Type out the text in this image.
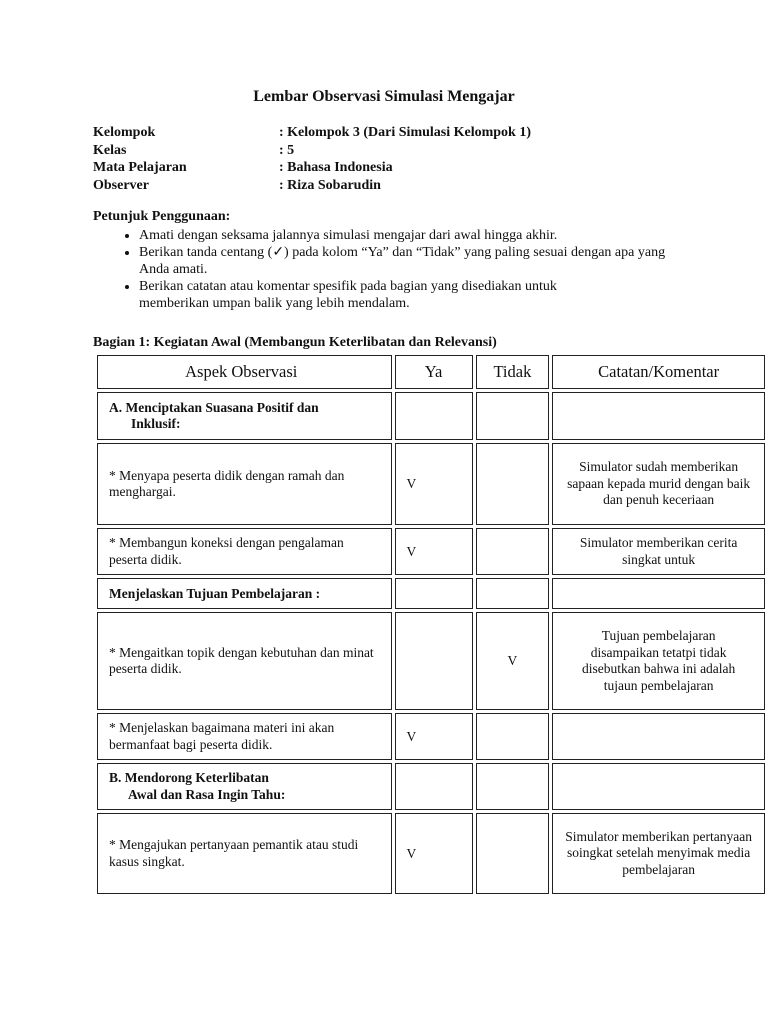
Lembar Observasi Simulasi Mengajar
Kelompok	: Kelompok 3 (Dari Simulasi Kelompok 1)
Kelas	: 5
Mata Pelajaran	: Bahasa Indonesia
Observer	: Riza Sobarudin
Petunjuk Penggunaan:
• Amati dengan seksama jalannya simulasi mengajar dari awal hingga akhir.
• Berikan tanda centang (✓) pada kolom “Ya” dan “Tidak” yang paling sesuai dengan apa yang Anda amati.
• Berikan catatan atau komentar spesifik pada bagian yang disediakan untuk memberikan umpan balik yang lebih mendalam.
Bagian 1: Kegiatan Awal (Membangun Keterlibatan dan Relevansi)
Aspek Observasi	Ya	Tidak	Catatan/Komentar
A. Menciptakan Suasana Positif dan
Inklusif:			

* Menyapa peserta didik dengan ramah dan menghargai.	V		Simulator sudah memberikan sapaan kepada murid dengan baik dan penuh keceriaan
* Membangun koneksi dengan pengalaman peserta didik.	V		Simulator memberikan cerita singkat untuk
Menjelaskan Tujuan Pembelajaran :			
* Mengaitkan topik dengan kebutuhan dan minat peserta didik.		V	Tujuan pembelajaran disampaikan tetatpi tidak disebutkan bahwa ini adalah tujaun pembelajaran
* Menjelaskan bagaimana materi ini akan bermanfaat bagi peserta didik.	V		
B. Mendorong Keterlibatan
Awal dan Rasa Ingin Tahu:			

* Mengajukan pertanyaan pemantik atau studi kasus singkat.	V		Simulator memberikan pertanyaan soingkat setelah menyimak media pembelajaran
